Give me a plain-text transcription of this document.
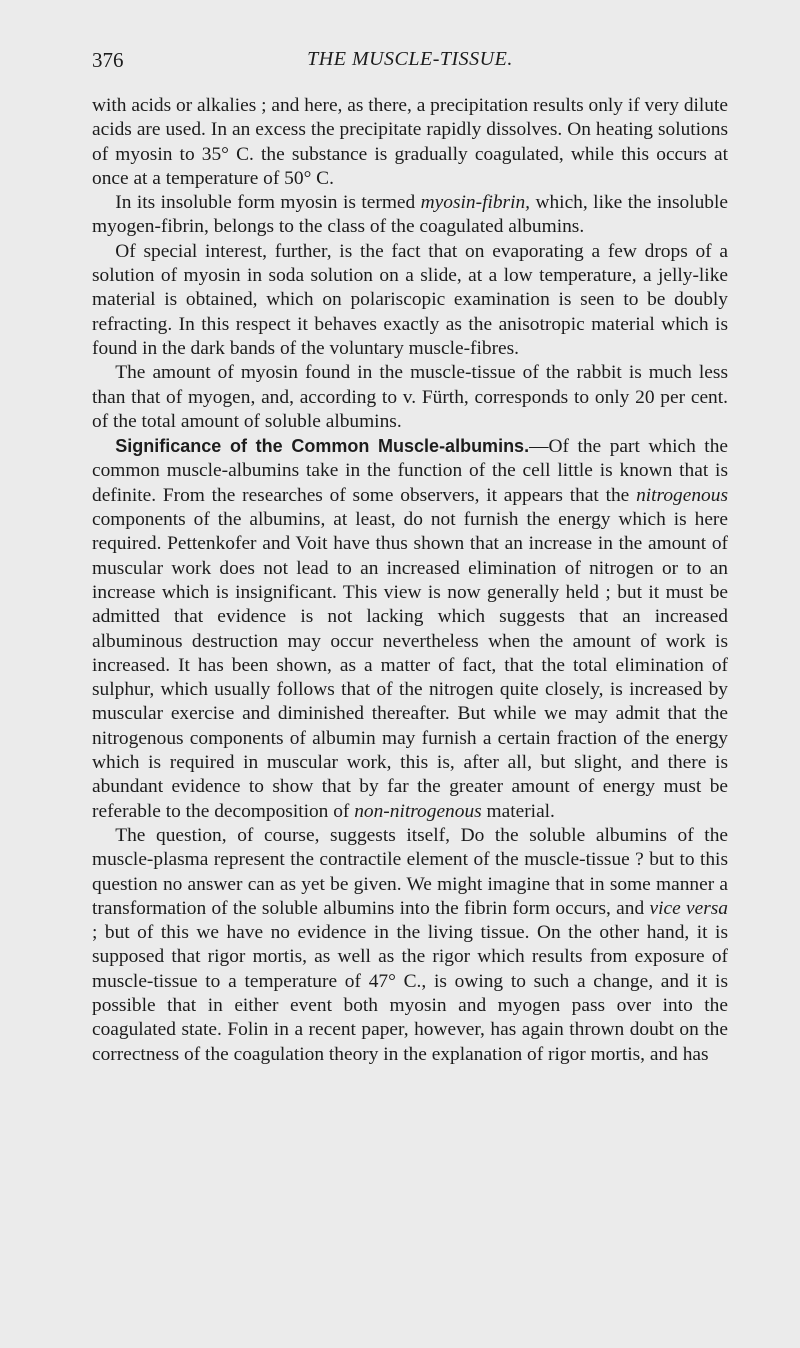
376	THE MUSCLE-TISSUE.

with acids or alkalies ; and here, as there, a precipitation results only if very dilute acids are used. In an excess the precipitate rapidly dissolves. On heating solutions of myosin to 35° C. the substance is gradually coagulated, while this occurs at once at a temperature of 50° C.

In its insoluble form myosin is termed myosin-fibrin, which, like the insoluble myogen-fibrin, belongs to the class of the coagulated albumins.

Of special interest, further, is the fact that on evaporating a few drops of a solution of myosin in soda solution on a slide, at a low temperature, a jelly-like material is obtained, which on polariscopic examination is seen to be doubly refracting. In this respect it behaves exactly as the anisotropic material which is found in the dark bands of the voluntary muscle-fibres.

The amount of myosin found in the muscle-tissue of the rabbit is much less than that of myogen, and, according to v. Fürth, corresponds to only 20 per cent. of the total amount of soluble albumins.

Significance of the Common Muscle-albumins.—Of the part which the common muscle-albumins take in the function of the cell little is known that is definite. From the researches of some observers, it appears that the nitrogenous components of the albumins, at least, do not furnish the energy which is here required. Pettenkofer and Voit have thus shown that an increase in the amount of muscular work does not lead to an increased elimination of nitrogen or to an increase which is insignificant. This view is now generally held ; but it must be admitted that evidence is not lacking which suggests that an increased albuminous destruction may occur nevertheless when the amount of work is increased. It has been shown, as a matter of fact, that the total elimination of sulphur, which usually follows that of the nitrogen quite closely, is increased by muscular exercise and diminished thereafter. But while we may admit that the nitrogenous components of albumin may furnish a certain fraction of the energy which is required in muscular work, this is, after all, but slight, and there is abundant evidence to show that by far the greater amount of energy must be referable to the decomposition of non-nitrogenous material.

The question, of course, suggests itself, Do the soluble albumins of the muscle-plasma represent the contractile element of the muscle-tissue ? but to this question no answer can as yet be given. We might imagine that in some manner a transformation of the soluble albumins into the fibrin form occurs, and vice versa ; but of this we have no evidence in the living tissue. On the other hand, it is supposed that rigor mortis, as well as the rigor which results from exposure of muscle-tissue to a temperature of 47° C., is owing to such a change, and it is possible that in either event both myosin and myogen pass over into the coagulated state. Folin in a recent paper, however, has again thrown doubt on the correctness of the coagulation theory in the explanation of rigor mortis, and has
